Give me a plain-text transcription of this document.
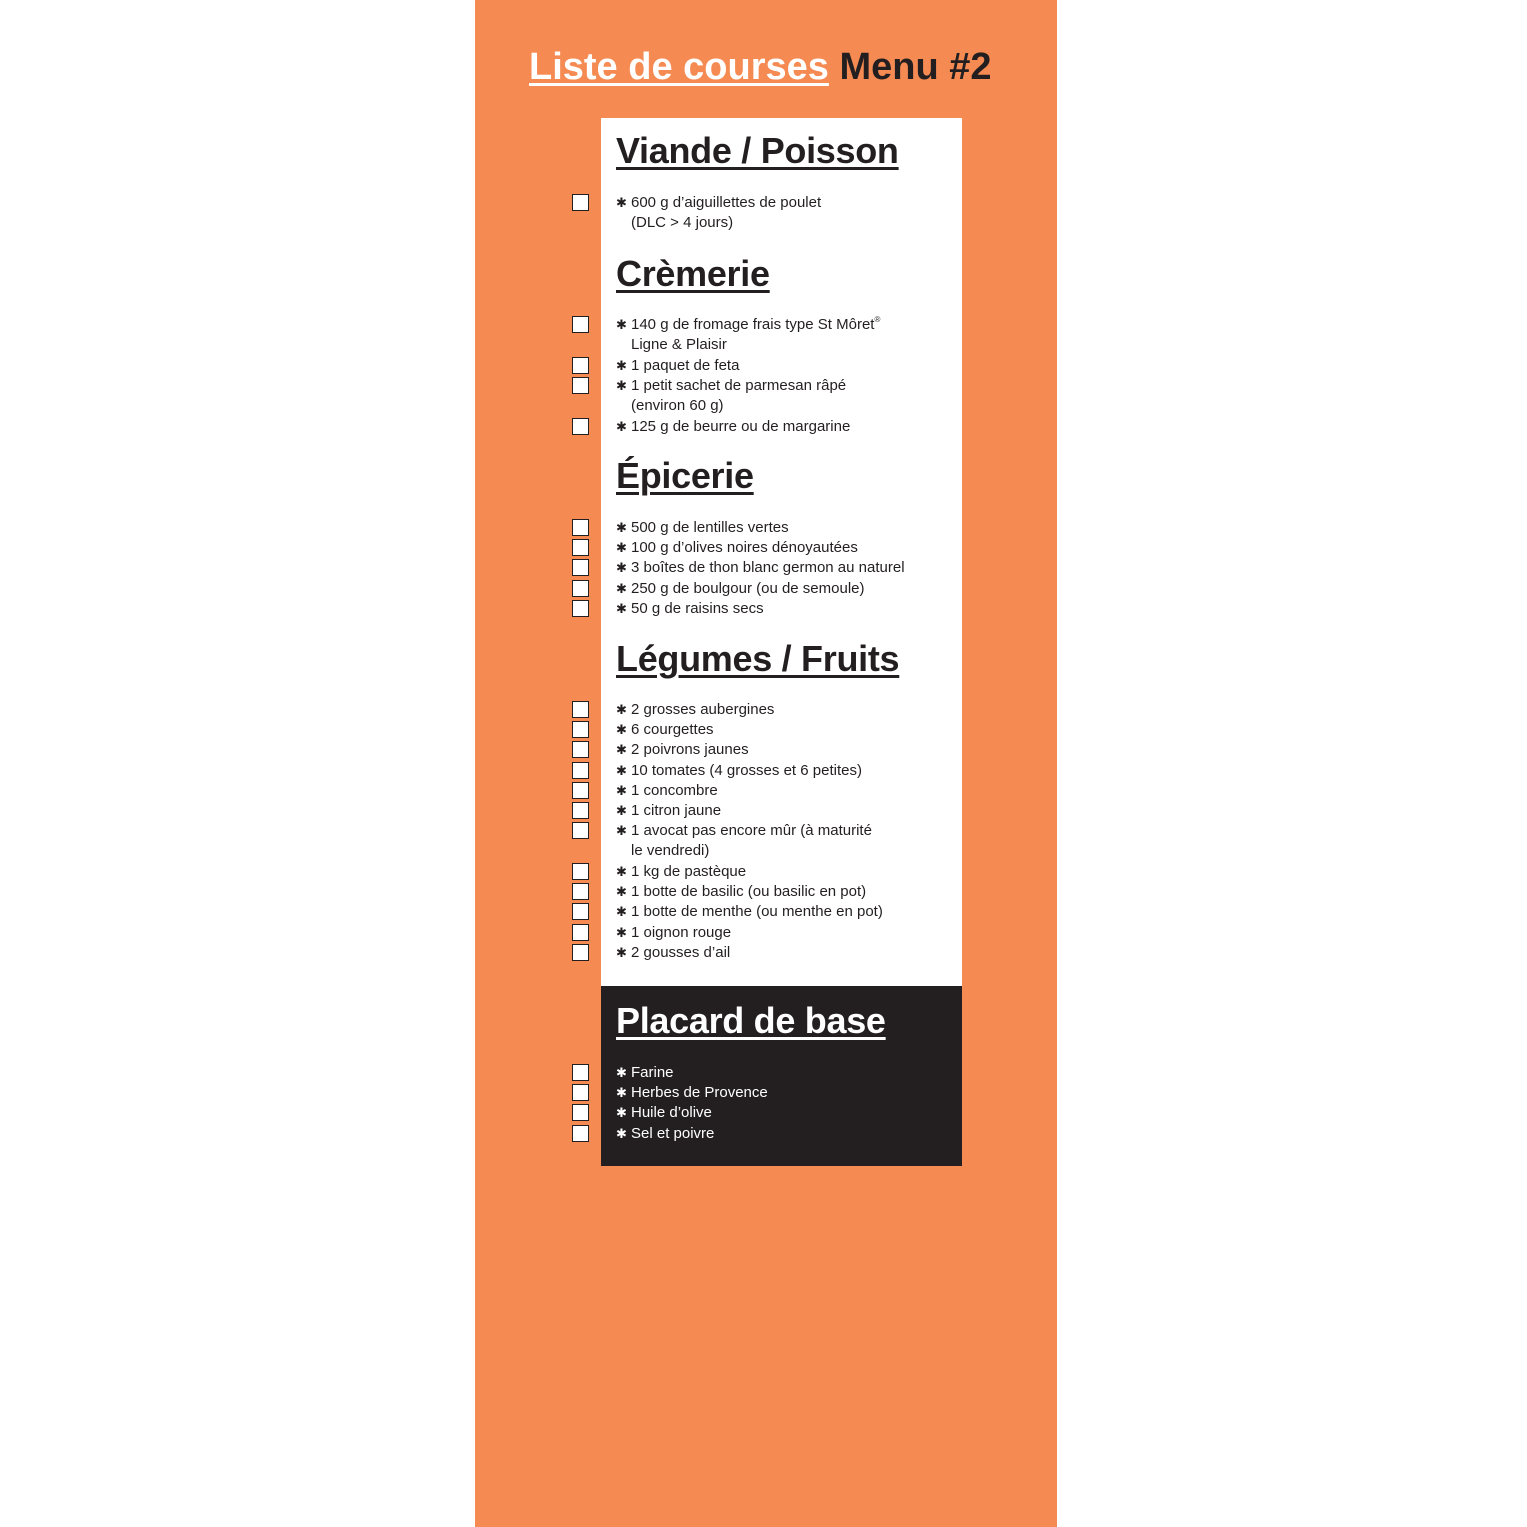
Liste de courses Menu #2
Viande / Poisson
✱ 600 g d’aiguillettes de poulet
(DLC > 4 jours)
Crèmerie
✱ 140 g de fromage frais type St Môret®
Ligne & Plaisir
✱ 1 paquet de feta
✱ 1 petit sachet de parmesan râpé
(environ 60 g)
✱ 125 g de beurre ou de margarine
Épicerie
✱ 500 g de lentilles vertes
✱ 100 g d’olives noires dénoyautées
✱ 3 boîtes de thon blanc germon au naturel
✱ 250 g de boulgour (ou de semoule)
✱ 50 g de raisins secs
Légumes / Fruits
✱ 2 grosses aubergines
✱ 6 courgettes
✱ 2 poivrons jaunes
✱ 10 tomates (4 grosses et 6 petites)
✱ 1 concombre
✱ 1 citron jaune
✱ 1 avocat pas encore mûr (à maturité
le vendredi)
✱ 1 kg de pastèque
✱ 1 botte de basilic (ou basilic en pot)
✱ 1 botte de menthe (ou menthe en pot)
✱ 1 oignon rouge
✱ 2 gousses d’ail
Placard de base
✱ Farine
✱ Herbes de Provence
✱ Huile d’olive
✱ Sel et poivre
